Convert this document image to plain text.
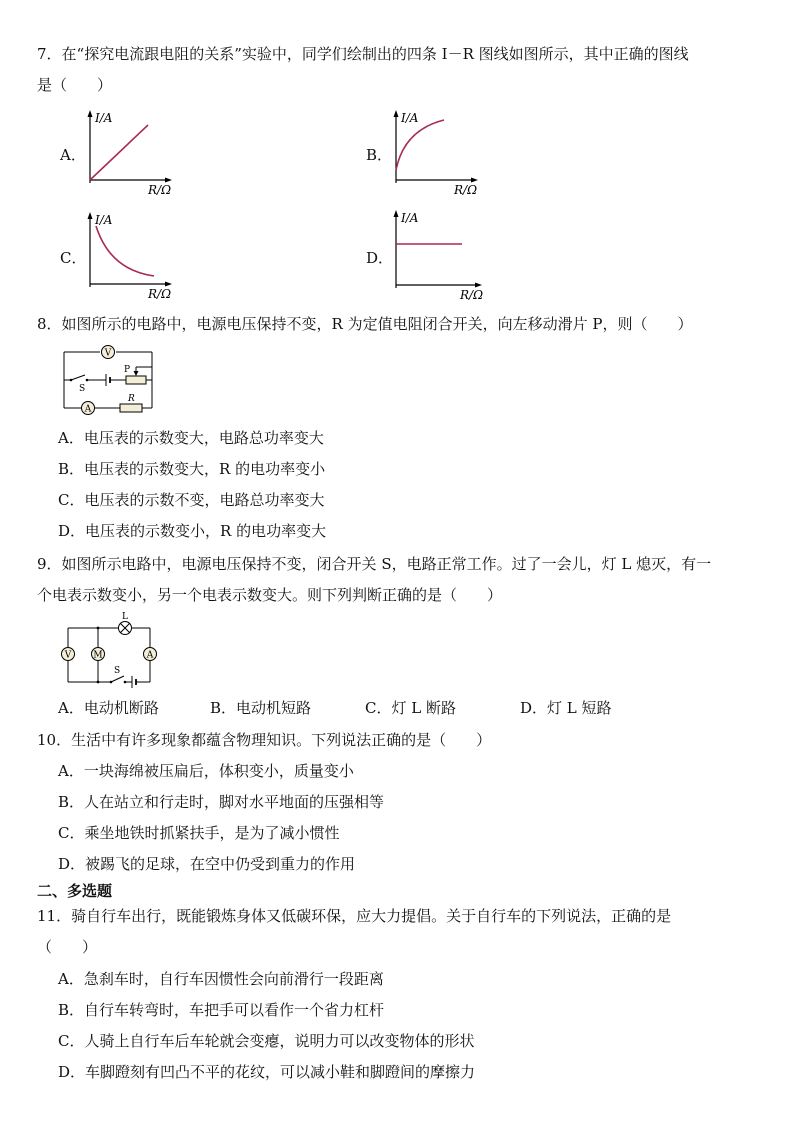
7．在“探究电流跟电阻的关系”实验中，同学们绘制出的四条 I－R 图线如图所示，其中正确的图线
是（　　）
A．	B．
C．	D．
I/A
R/Ω
I/A
R/Ω
I/A
R/Ω
I/A
R/Ω
8．如图所示的电路中，电源电压保持不变，R 为定值电阻闭合开关，向左移动滑片 P，则（　　）
V
P
S
A
R
A．电压表的示数变大，电路总功率变大
B．电压表的示数变大，R 的电功率变小
C．电压表的示数不变，电路总功率变大
D．电压表的示数变小，R 的电功率变大
9．如图所示电路中，电源电压保持不变，闭合开关 S，电路正常工作。过了一会儿，灯 L 熄灭，有一
个电表示数变小，另一个电表示数变大。则下列判断正确的是（　　）
L
V M	A
S
A．电动机断路	B．电动机短路	C．灯 L 断路	D．灯 L 短路
10．生活中有许多现象都蕴含物理知识。下列说法正确的是（　　）
A．一块海绵被压扁后，体积变小，质量变小
B．人在站立和行走时，脚对水平地面的压强相等
C．乘坐地铁时抓紧扶手，是为了减小惯性
D．被踢飞的足球，在空中仍受到重力的作用
二、多选题
11．骑自行车出行，既能锻炼身体又低碳环保，应大力提倡。关于自行车的下列说法，正确的是
（　　）
A．急刹车时，自行车因惯性会向前滑行一段距离
B．自行车转弯时，车把手可以看作一个省力杠杆
C．人骑上自行车后车轮就会变瘪，说明力可以改变物体的形状
D．车脚蹬刻有凹凸不平的花纹，可以减小鞋和脚蹬间的摩擦力
